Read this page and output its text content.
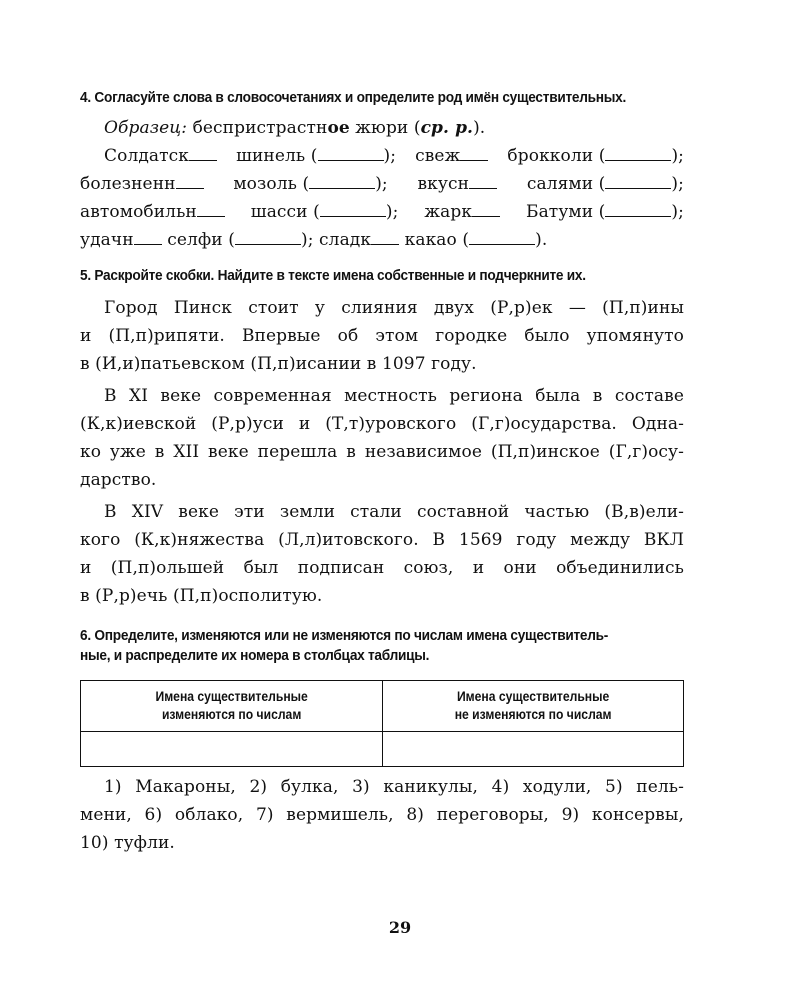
4. Согласуйте слова в словосочетаниях и определите род имён существительных.

Образец: беспристрастное жюри (ср. р.).
Солдатск	шинель (	); свеж	брокколи (	);
болезненн	мозоль (	); вкусн	салями (	);
автомобильн	шасси (	); жарк	Батуми (	);
удачн селфи (	); сладк какао (	).

5. Раскройте скобки. Найдите в тексте имена собственные и подчеркните их.

Город Пинск стоит у слияния двух (Р,р)ек — (П,п)ины
и (П,п)рипяти. Впервые об этом городке было упомянуто
в (И,и)патьевском (П,п)исании в 1097 году.
В XI веке современная местность региона была в составе
(К,к)иевской (Р,р)уси и (Т,т)уровского (Г,г)осударства. Одна-
ко уже в XII веке перешла в независимое (П,п)инское (Г,г)осу-
дарство.
В XIV веке эти земли стали составной частью (В,в)ели-
кого (К,к)няжества (Л,л)итовского. В 1569 году между ВКЛ
и (П,п)ольшей был подписан союз, и они объединились
в (Р,р)ечь (П,п)осполитую.

6. Определите, изменяются или не изменяются по числам имена существитель-

ные, и распределите их номера в столбцах таблицы.

Имена существительные
изменяются по числам	Имена существительные
не изменяются по числам

1) Макароны, 2) булка, 3) каникулы, 4) ходули, 5) пель-
мени, 6) облако, 7) вермишель, 8) переговоры, 9) консервы,
10) туфли.
29
